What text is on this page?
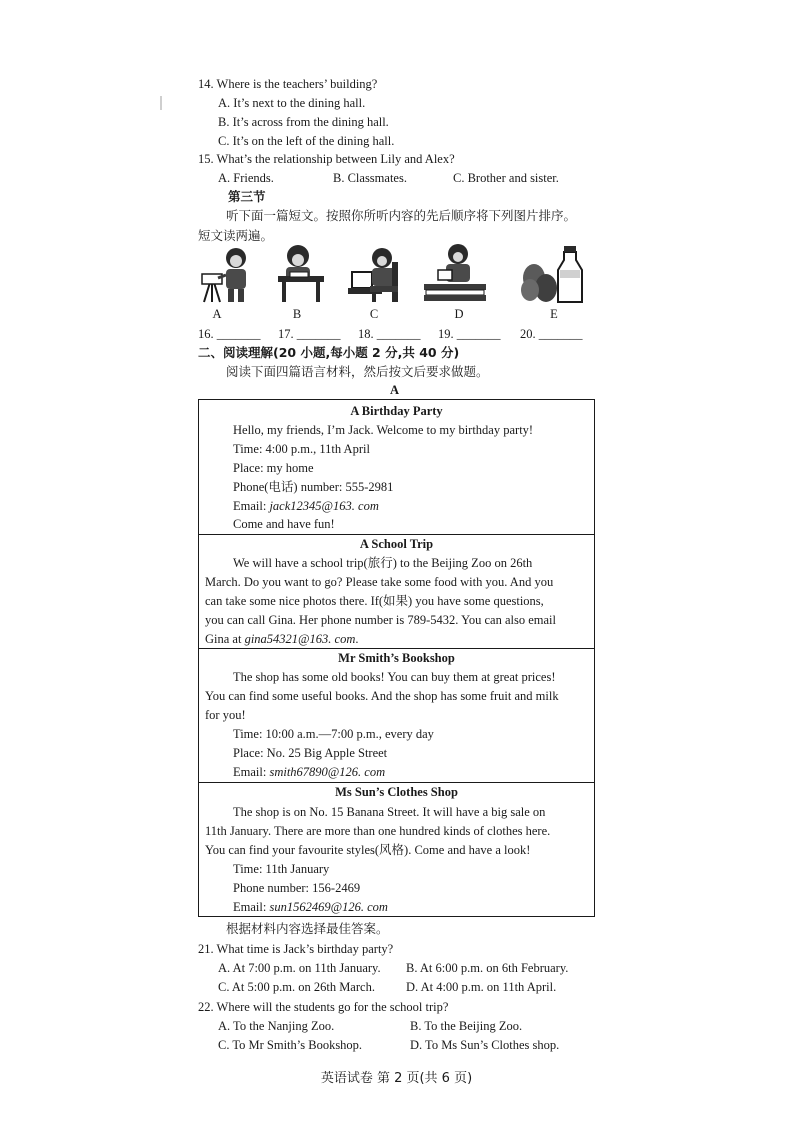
14. Where is the teachers’ building?
A. It’s next to the dining hall.
B. It’s across from the dining hall.
C. It’s on the left of the dining hall.
15. What’s the relationship between Lily and Alex?
A. Friends.	B. Classmates.	C. Brother and sister.
第三节
听下面一篇短文。按照你所听内容的先后顺序将下列图片排序。
短文读两遍。
A	B	C	D	E
16. _______ 17. _______ 18. _______ 19. _______ 20. _______
二、阅读理解(20 小题,每小题 2 分,共 40 分)
阅读下面四篇语言材料，然后按文后要求做题。
A
A Birthday Party
Hello, my friends, I’m Jack. Welcome to my birthday party!
Time: 4:00 p.m., 11th April
Place: my home
Phone(电话) number: 555-2981
Email: jack12345@163. com
Come and have fun!
A School Trip
We will have a school trip(旅行) to the Beijing Zoo on 26th
March. Do you want to go? Please take some food with you. And you
can take some nice photos there. If(如果) you have some questions,
you can call Gina. Her phone number is 789-5432. You can also email
Gina at gina54321@163. com.
Mr Smith’s Bookshop
The shop has some old books! You can buy them at great prices!
You can find some useful books. And the shop has some fruit and milk
for you!
Time: 10:00 a.m.—7:00 p.m., every day
Place: No. 25 Big Apple Street
Email: smith67890@126. com
Ms Sun’s Clothes Shop
The shop is on No. 15 Banana Street. It will have a big sale on
11th January. There are more than one hundred kinds of clothes here.
You can find your favourite styles(风格). Come and have a look!
Time: 11th January
Phone number: 156-2469
Email: sun1562469@126. com
根据材料内容选择最佳答案。
21. What time is Jack’s birthday party?
A. At 7:00 p.m. on 11th January. B. At 6:00 p.m. on 6th February.
C. At 5:00 p.m. on 26th March. D. At 4:00 p.m. on 11th April.
22. Where will the students go for the school trip?
A. To the Nanjing Zoo.	B. To the Beijing Zoo.
C. To Mr Smith’s Bookshop.	D. To Ms Sun’s Clothes shop.
英语试卷 第 2 页(共 6 页)
